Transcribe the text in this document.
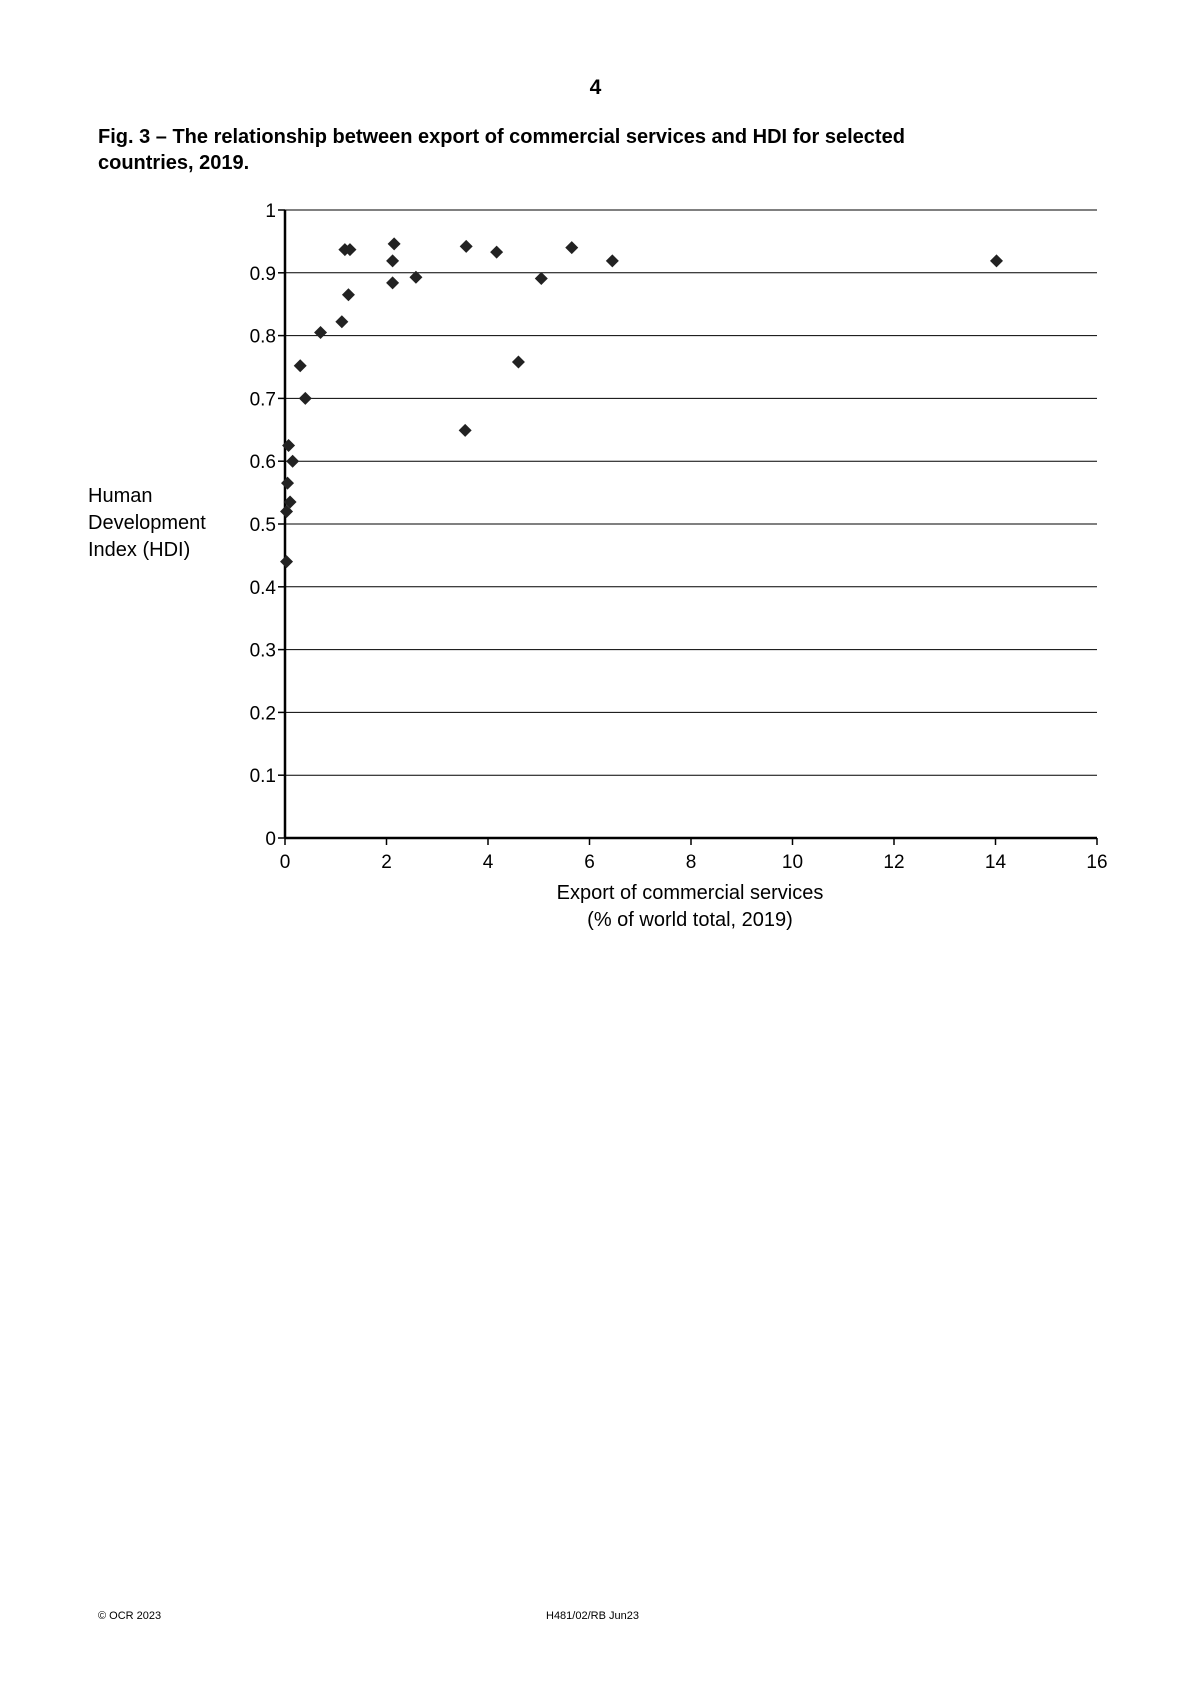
4
Fig. 3 – The relationship between export of commercial services and HDI for selected
countries, 2019.
0
0.1
0.2
0.3
0.4
0.5
0.6
0.7
0.8
0.9
1
0	2	4	6	8	10	12	14	16
Human
Development
Index (HDI)
Export of commercial services
(% of world total, 2019)
© OCR 2023	H481/02/RB Jun23
